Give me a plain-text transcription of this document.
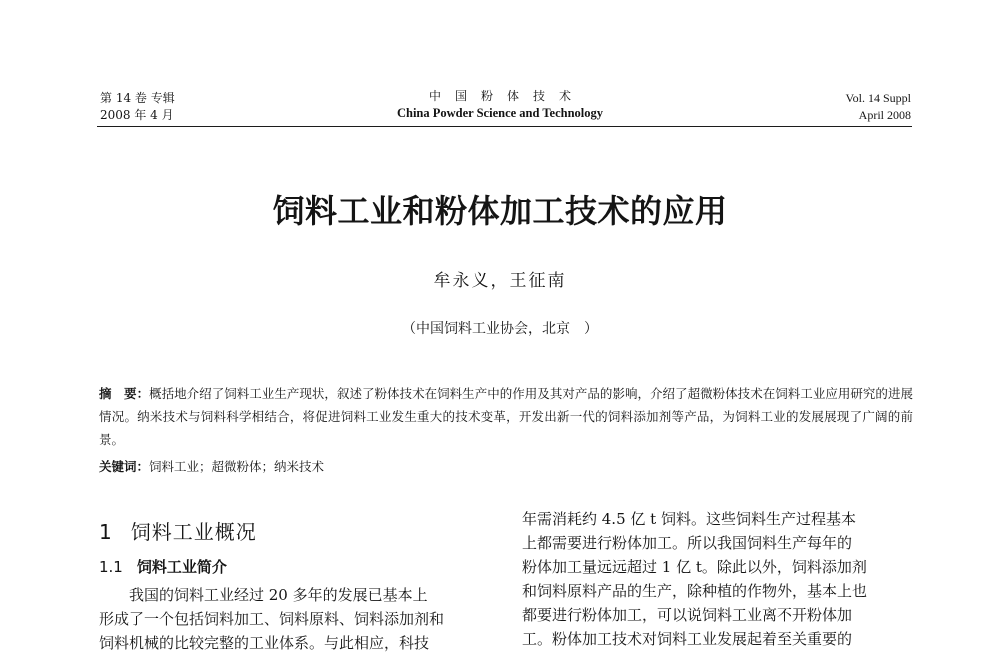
第 14 卷 专辑
2008 年 4 月
中国粉体技术
China Powder Science and Technology
Vol. 14 Suppl
April 2008
饲料工业和粉体加工技术的应用
牟永义，王征南
（中国饲料工业协会，北京　）
摘　要：概括地介绍了饲料工业生产现状，叙述了粉体技术在饲料生产中的作用及其对产品的影响，介绍了超微粉体技术在饲料工业应用研究的进展情况。纳米技术与饲料科学相结合，将促进饲料工业发生重大的技术变革，开发出新一代的饲料添加剂等产品，为饲料工业的发展展现了广阔的前景。
关键词：饲料工业；超微粉体；纳米技术
1 饲料工业概况
1.1 饲料工业简介
我国的饲料工业经过 20 多年的发展已基本上
形成了一个包括饲料加工、饲料原料、饲料添加剂和
饲料机械的比较完整的工业体系。与此相应，科技
年需消耗约 4.5 亿 t 饲料。这些饲料生产过程基本
上都需要进行粉体加工。所以我国饲料生产每年的
粉体加工量远远超过 1 亿 t。除此以外，饲料添加剂
和饲料原料产品的生产，除种植的作物外，基本上也
都要进行粉体加工，可以说饲料工业离不开粉体加
工。粉体加工技术对饲料工业发展起着至关重要的
